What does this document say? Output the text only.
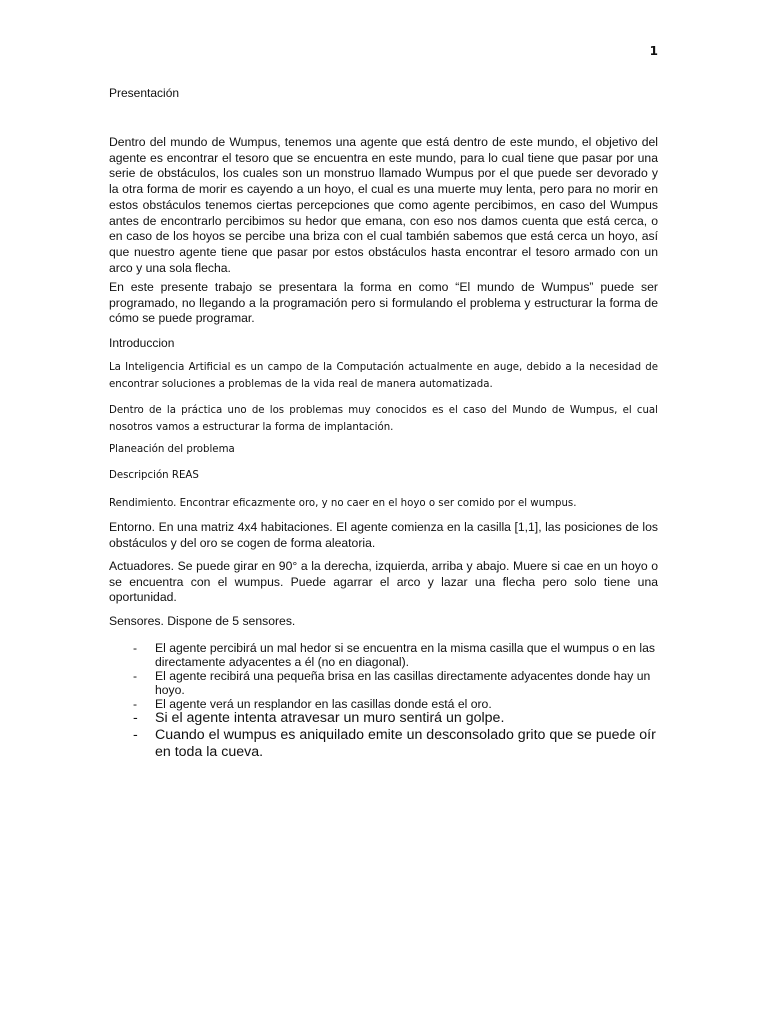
1
Presentación

Dentro del mundo de Wumpus, tenemos una agente que está dentro de este mundo, el objetivo del agente es encontrar el tesoro que se encuentra en este mundo, para lo cual tiene que pasar por una serie de obstáculos, los cuales son un monstruo llamado Wumpus por el que puede ser devorado y la otra forma de morir es cayendo a un hoyo, el cual es una muerte muy lenta, pero para no morir en estos obstáculos tenemos ciertas percepciones que como agente percibimos, en caso del Wumpus antes de encontrarlo percibimos su hedor que emana, con eso nos damos cuenta que está cerca, o en caso de los hoyos se percibe una briza con el cual también sabemos que está cerca un hoyo, así que nuestro agente tiene que pasar por estos obstáculos hasta encontrar el tesoro armado con un arco y una sola flecha.

En este presente trabajo se presentara la forma en como “El mundo de Wumpus” puede ser programado, no llegando a la programación pero si formulando el problema y estructurar la forma de cómo se puede programar.

Introduccion

La Inteligencia Artificial es un campo de la Computación actualmente en auge, debido a la necesidad de encontrar soluciones a problemas de la vida real de manera automatizada.

Dentro de la práctica uno de los problemas muy conocidos es el caso del Mundo de Wumpus, el cual nosotros vamos a estructurar la forma de implantación.

Planeación del problema
Descripción REAS

Rendimiento. Encontrar eficazmente oro, y no caer en el hoyo o ser comido por el wumpus.

Entorno. En una matriz 4x4 habitaciones. El agente comienza en la casilla [1,1], las posiciones de los obstáculos y del oro se cogen de forma aleatoria.

Actuadores. Se puede girar en 90° a la derecha, izquierda, arriba y abajo. Muere si cae en un hoyo o se encuentra con el wumpus. Puede agarrar el arco y lazar una flecha pero solo tiene una oportunidad.

Sensores. Dispone de 5 sensores.

- El agente percibirá un mal hedor si se encuentra en la misma casilla que el wumpus o en las directamente adyacentes a él (no en diagonal).
- El agente recibirá una pequeña brisa en las casillas directamente adyacentes donde hay un hoyo.
- El agente verá un resplandor en las casillas donde está el oro.
- Si el agente intenta atravesar un muro sentirá un golpe.
- Cuando el wumpus es aniquilado emite un desconsolado grito que se puede oír en toda la cueva.
